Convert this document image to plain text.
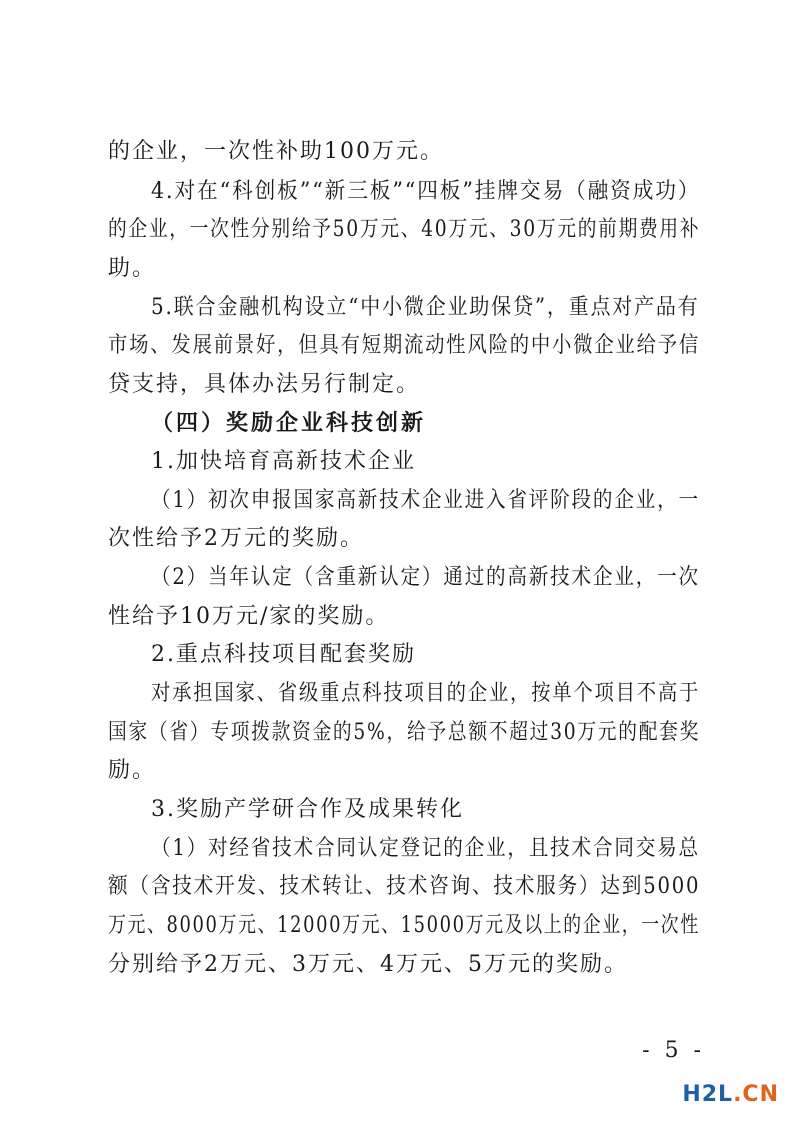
的企业，一次性补助100万元。
4.对在“科创板”“新三板”“四板”挂牌交易（融资成功）
的企业，一次性分别给予50万元、40万元、30万元的前期费用补
助。
5.联合金融机构设立“中小微企业助保贷”，重点对产品有
市场、发展前景好，但具有短期流动性风险的中小微企业给予信
贷支持，具体办法另行制定。
（四）奖励企业科技创新
1.加快培育高新技术企业
（1）初次申报国家高新技术企业进入省评阶段的企业，一
次性给予2万元的奖励。
（2）当年认定（含重新认定）通过的高新技术企业，一次
性给予10万元/家的奖励。
2.重点科技项目配套奖励
对承担国家、省级重点科技项目的企业，按单个项目不高于
国家（省）专项拨款资金的5%，给予总额不超过30万元的配套奖
励。
3.奖励产学研合作及成果转化
（1）对经省技术合同认定登记的企业，且技术合同交易总
额（含技术开发、技术转让、技术咨询、技术服务）达到5000
万元、8000万元、12000万元、15000万元及以上的企业，一次性
分别给予2万元、3万元、4万元、5万元的奖励。
- 5 -
H2L.CN
